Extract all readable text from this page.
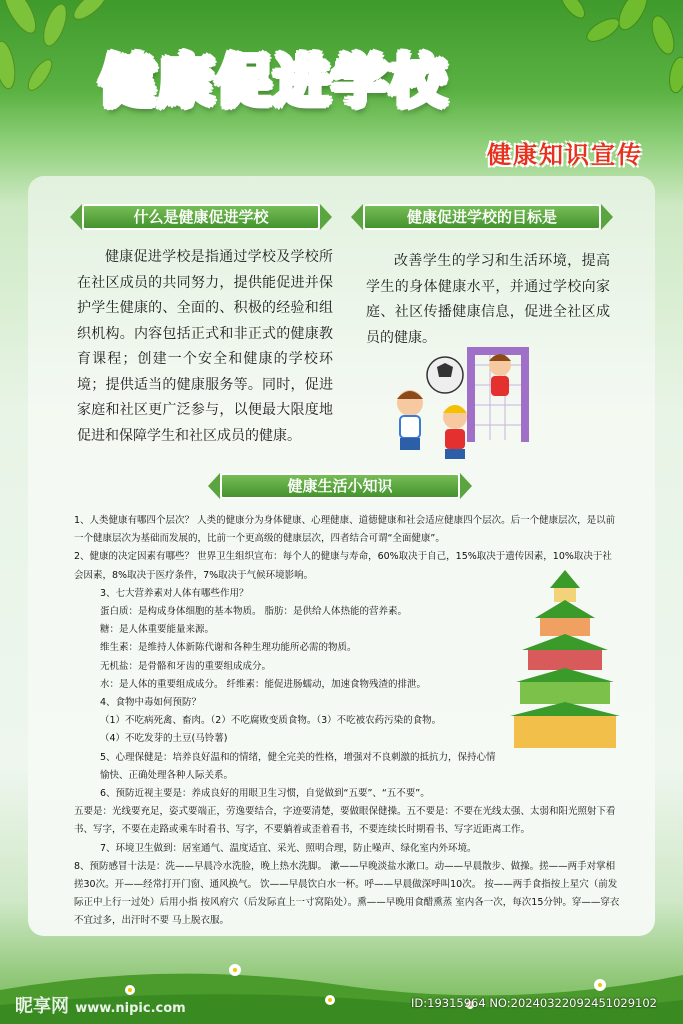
健康促进学校
健康知识宣传
什么是健康促进学校	健康促进学校的目标是
健康促进学校是指通过学校及学校所在社区成员的共同努力，提供能促进并保护学生健康的、全面的、积极的经验和组织机构。内容包括正式和非正式的健康教育课程；创建一个安全和健康的学校环境；提供适当的健康服务等。同时，促进家庭和社区更广泛参与，以便最大限度地促进和保障学生和社区成员的健康。
改善学生的学习和生活环境，提高学生的身体健康水平，并通过学校向家庭、社区传播健康信息，促进全社区成员的健康。
健康生活小知识
1、人类健康有哪四个层次？ 人类的健康分为身体健康、心理健康、道德健康和社会适应健康四个层次。后一个健康层次，是以前一个健康层次为基础而发展的，比前一个更高级的健康层次，四者结合可谓“全面健康”。
2、健康的决定因素有哪些？ 世界卫生组织宣布：每个人的健康与寿命，60%取决于自己，15%取决于遗传因素，10%取决于社会因素，8%取决于医疗条件，7%取决于气候环境影响。
3、七大营养素对人体有哪些作用？
蛋白质：是构成身体细胞的基本物质。 脂肪：是供给人体热能的营养素。
糖：是人体重要能量来源。
维生素：是维持人体新陈代谢和各种生理功能所必需的物质。
无机盐：是骨骼和牙齿的重要组成成分。
水：是人体的重要组成成分。 纤维素：能促进肠蠕动，加速食物残渣的排泄。
4、食物中毒如何预防？
（1）不吃病死禽、畜肉。（2）不吃腐败变质食物。（3）不吃被农药污染的食物。
（4）不吃发芽的土豆(马铃薯)
5、心理保健是：培养良好温和的情绪，健全完美的性格，增强对不良刺激的抵抗力，保持心情愉快、正确处理各种人际关系。
6、预防近视主要是：养成良好的用眼卫生习惯，自觉做到“五要”、“五不要”。
五要是：光线要充足，姿式要端正，劳逸要结合，字迹要清楚，要做眼保健操。五不要是：不要在光线太强、太弱和阳光照射下看书、写字，不要在走路或乘车时看书、写字，不要躺着或歪着看书，不要连续长时期看书、写字近距离工作。
7、环境卫生做到：居室通气、温度适宜、采光、照明合理，防止噪声、绿化室内外环境。
8、预防感冒十法是：洗——早晨冷水洗脸，晚上热水洗脚。 漱——早晚淡盐水漱口。动——早晨散步、做操。搓——两手对掌相搓30次。开——经常打开门窗、通风换气。 饮——早晨饮白水一杯。呼——早晨做深呼叫10次。 按——两手食指按上星穴（前发际正中上行一过处）后用小指 按风府穴（后发际直上一寸窝陷处）。熏——早晚用食醋熏蒸 室内各一次，每次15分钟。穿——穿衣不宜过多，出汗时不要 马上脱衣服。
昵享网 www.nipic.com	ID:19315964 NO:20240322092451029102
